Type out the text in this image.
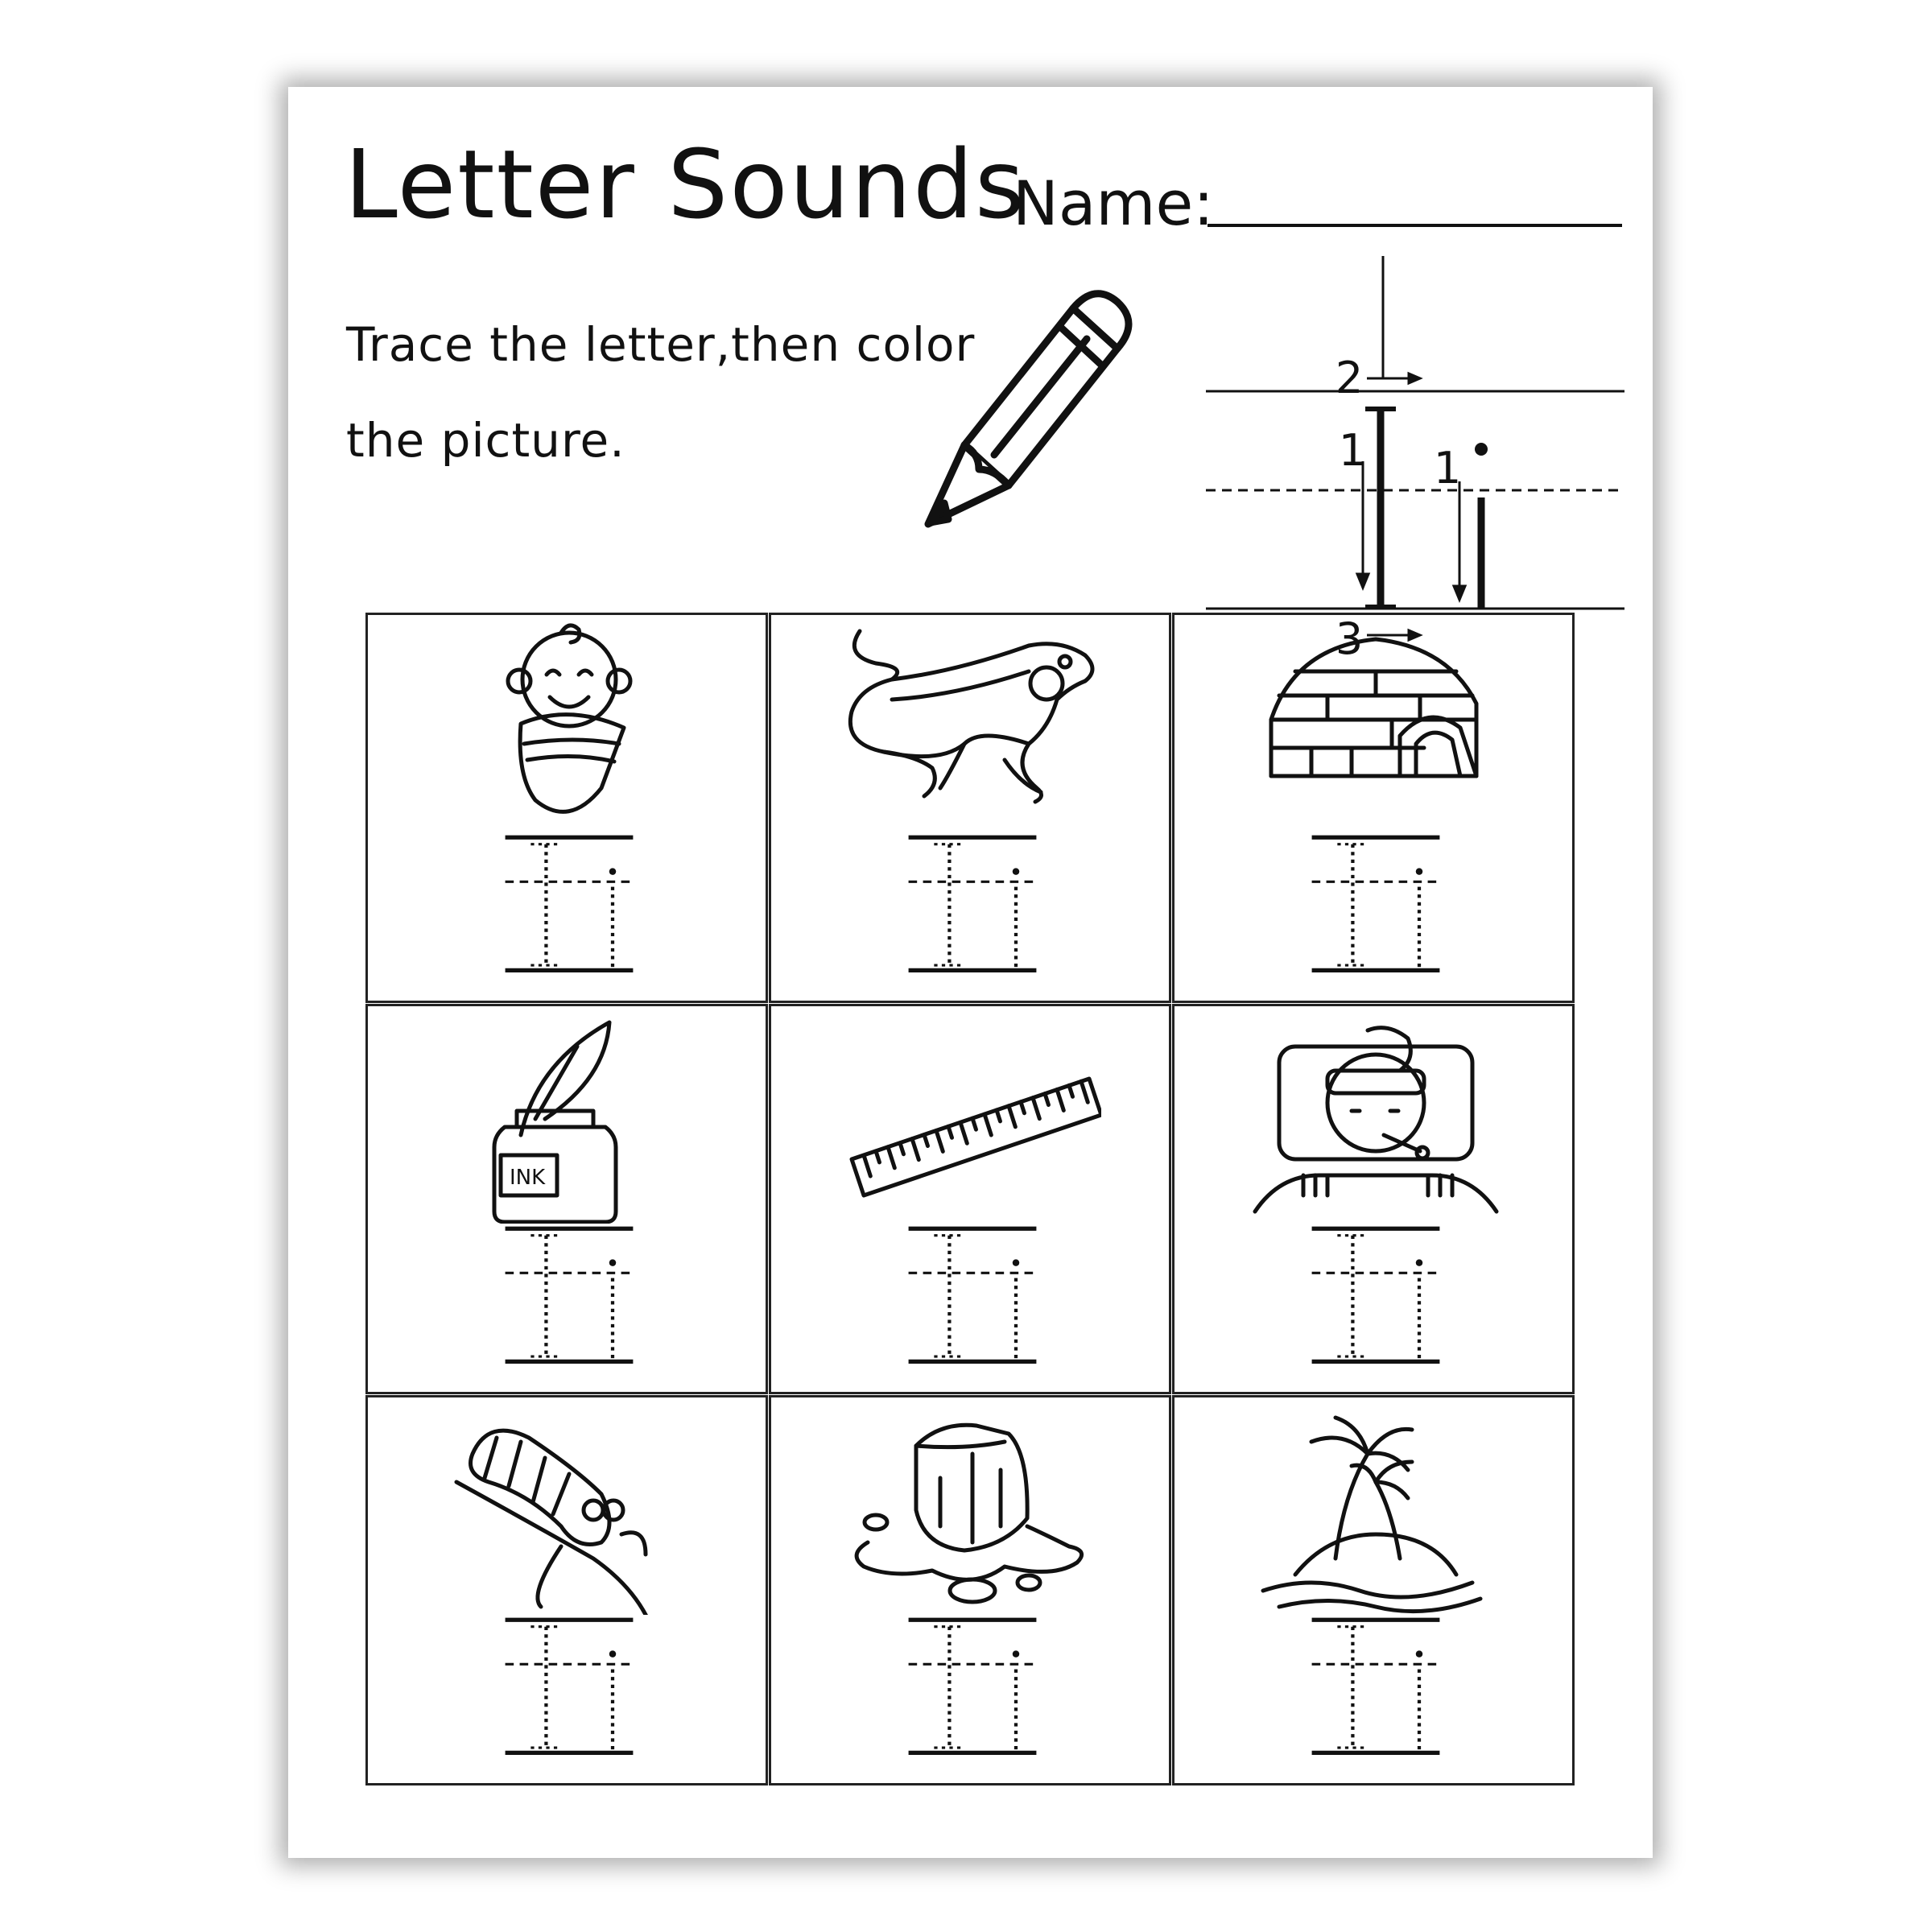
Letter Sounds
Name:
Trace the letter,then color
the picture.	1
2
3
1
INK
